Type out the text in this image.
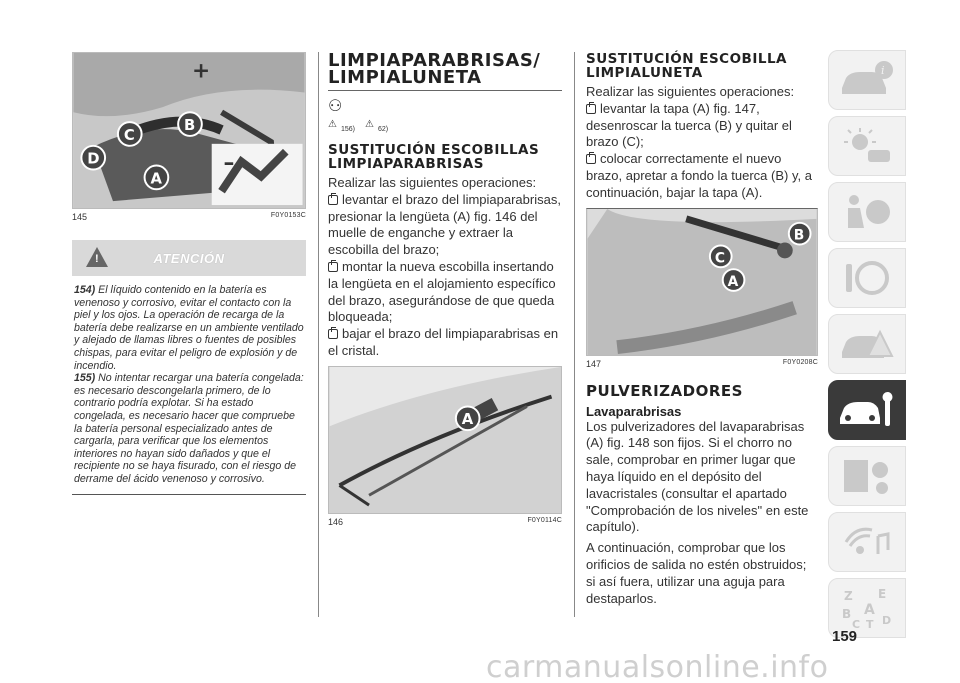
–
+
C
B
D
A
145	F0Y0153C
!	ATENCIÓN

154) El líquido contenido en la batería es venenoso y corrosivo, evitar el contacto con la piel y los ojos. La operación de recarga de la batería debe realizarse en un ambiente ventilado y alejado de llamas libres o fuentes de posibles chispas, para evitar el peligro de explosión y de incendio.

155) No intentar recargar una batería congelada: es necesario descongelarla primero, de lo contrario podría explotar. Si ha estado congelada, es necesario hacer que compruebe la batería personal especializado antes de cargarla, para verificar que los elementos interiores no hayan sido dañados y que el recipiente no se haya fisurado, con el riesgo de derrame del ácido venenoso y corrosivo.

LIMPIAPARABRISAS/ LIMPIALUNETA
⚇
⚠ 156) ⚠ 62)
SUSTITUCIÓN ESCOBILLAS LIMPIAPARABRISAS
Realizar las siguientes operaciones:
levantar el brazo del limpiaparabrisas, presionar la lengüeta (A) fig. 146 del muelle de enganche y extraer la escobilla del brazo;
montar la nueva escobilla insertando la lengüeta en el alojamiento específico del brazo, asegurándose de que queda bloqueada;
bajar el brazo del limpiaparabrisas en el cristal.
A
146	F0Y0114C
SUSTITUCIÓN ESCOBILLA LIMPIALUNETA
Realizar las siguientes operaciones:
levantar la tapa (A) fig. 147, desenroscar la tuerca (B) y quitar el brazo (C);
colocar correctamente el nuevo brazo, apretar a fondo la tuerca (B) y, a continuación, bajar la tapa (A).
B
C
A
147	F0Y0208C
PULVERIZADORES
Lavaparabrisas
Los pulverizadores del lavaparabrisas (A) fig. 148 son fijos. Si el chorro no sale, comprobar en primer lugar que haya líquido en el depósito del lavacristales (consultar el apartado "Comprobación de los niveles" en este capítulo).
A continuación, comprobar que los orificios de salida no estén obstruidos; si así fuera, utilizar una aguja para destaparlos.
i
Z E
B A
C T D
159
carmanualsonline.info
